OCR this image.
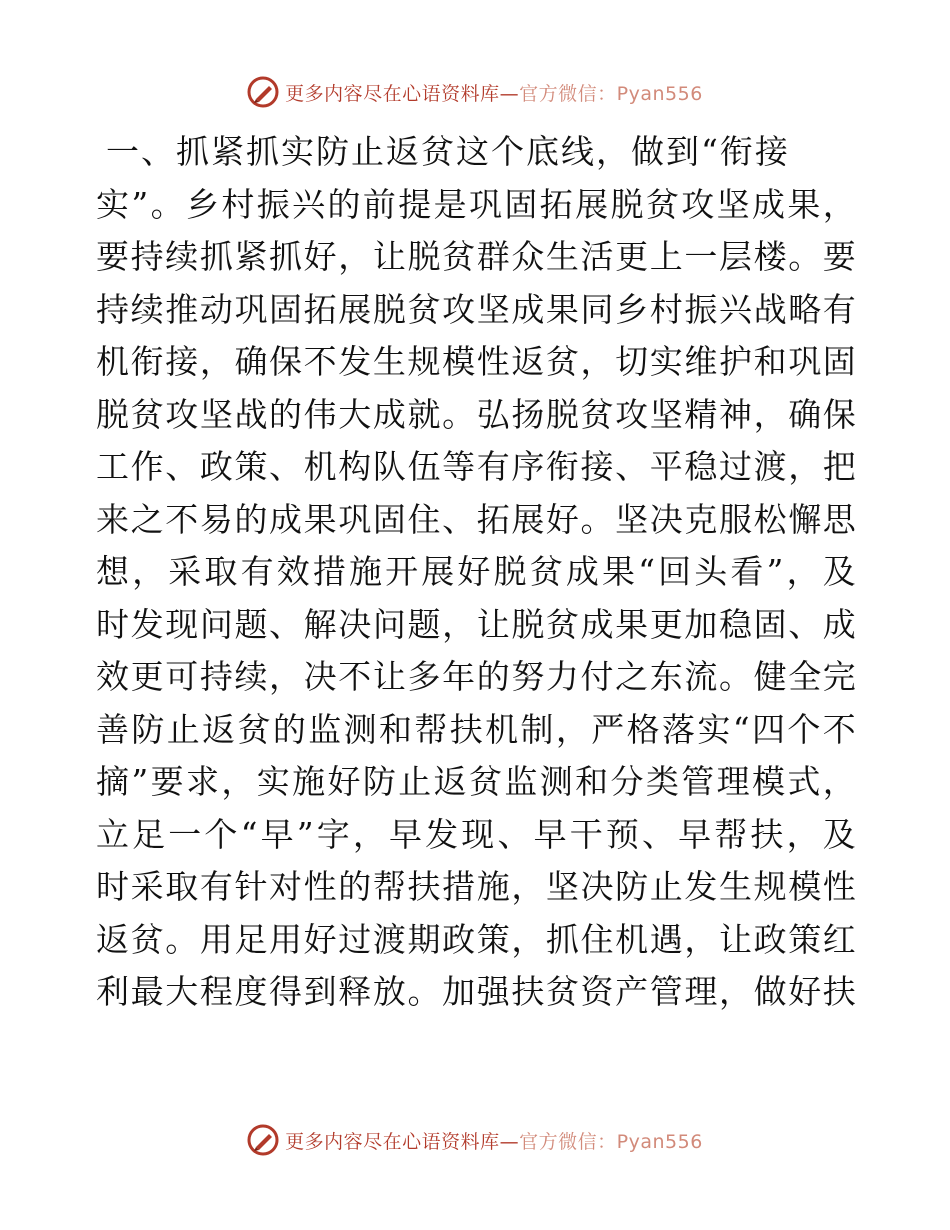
更多内容尽在心语资料库—官方微信：Pyan556
一、抓紧抓实防止返贫这个底线，做到“衔接
实 ” 。 乡 村 振 兴 的 前 提 是 巩 固 拓 展 脱 贫 攻 坚 成 果 ，
要 持 续 抓 紧 抓 好 ， 让 脱 贫 群 众 生 活 更 上 一 层 楼 。 要
持 续 推 动 巩 固 拓 展 脱 贫 攻 坚 成 果 同 乡 村 振 兴 战 略 有
机 衔 接 ， 确 保 不 发 生 规 模 性 返 贫 ， 切 实 维 护 和 巩 固
脱 贫 攻 坚 战 的 伟 大 成 就 。 弘 扬 脱 贫 攻 坚 精 神 ， 确 保
工 作 、 政 策 、 机 构 队 伍 等 有 序 衔 接 、 平 稳 过 渡 ， 把
来 之 不 易 的 成 果 巩 固 住 、 拓 展 好 。 坚 决 克 服 松 懈 思
想 ， 采 取 有 效 措 施 开 展 好 脱 贫 成 果 “ 回 头 看 ” ， 及
时 发 现 问 题 、 解 决 问 题 ， 让 脱 贫 成 果 更 加 稳 固 、 成
效 更 可 持 续 ， 决 不 让 多 年 的 努 力 付 之 东 流 。 健 全 完
善 防 止 返 贫 的 监 测 和 帮 扶 机 制 ， 严 格 落 实 “ 四 个 不
摘 ” 要 求 ， 实 施 好 防 止 返 贫 监 测 和 分 类 管 理 模 式 ，
立 足 一 个 “ 早 ” 字 ， 早 发 现 、 早 干 预 、 早 帮 扶 ， 及
时 采 取 有 针 对 性 的 帮 扶 措 施 ， 坚 决 防 止 发 生 规 模 性
返 贫 。 用 足 用 好 过 渡 期 政 策 ， 抓 住 机 遇 ， 让 政 策 红
利 最 大 程 度 得 到 释 放 。 加 强 扶 贫 资 产 管 理 ， 做 好 扶
更多内容尽在心语资料库—官方微信：Pyan556
